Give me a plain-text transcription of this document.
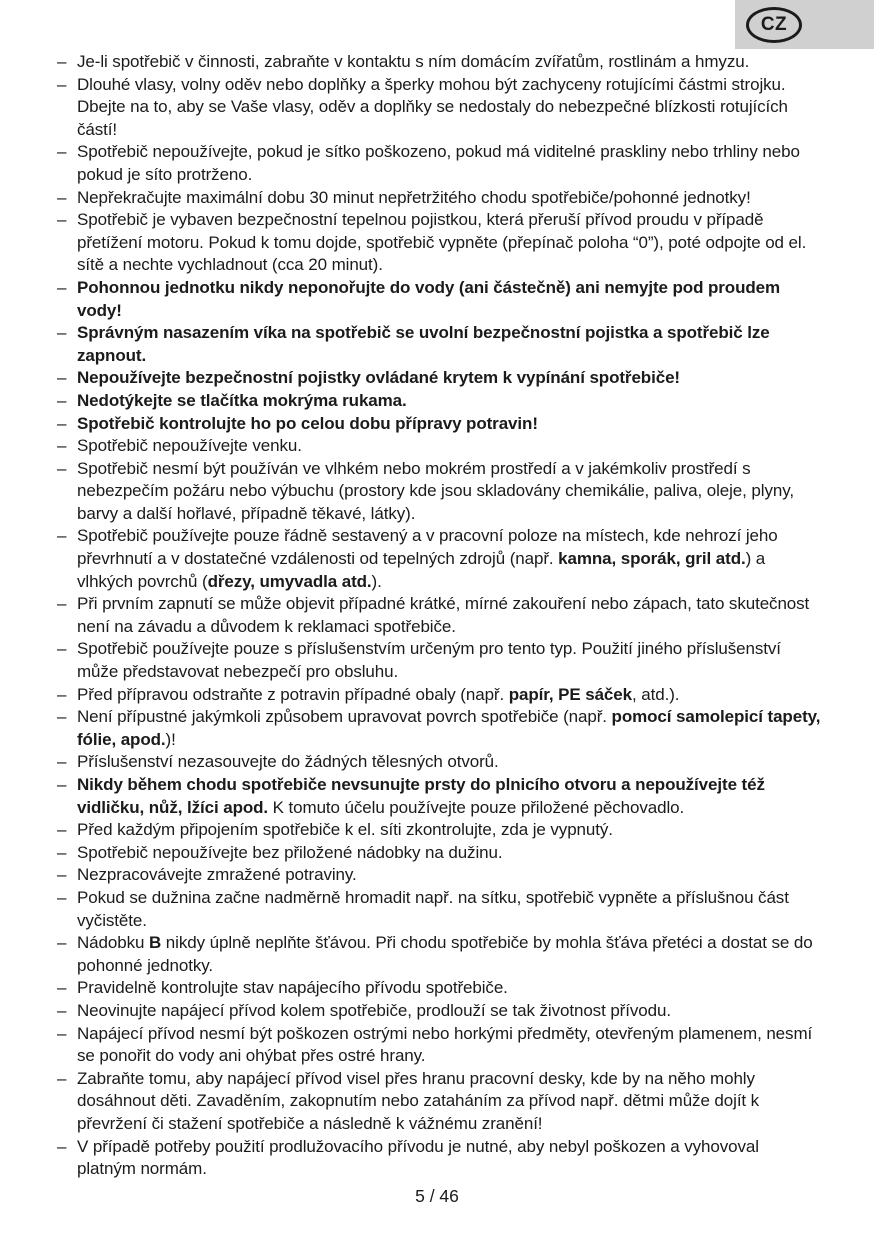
CZ
– Je-li spotřebič v činnosti, zabraňte v kontaktu s ním domácím zvířatům, rostlinám a hmyzu.
– Dlouhé vlasy, volny oděv nebo doplňky a šperky mohou být zachyceny rotujícími částmi strojku. Dbejte na to, aby se Vaše vlasy, oděv a doplňky se nedostaly do nebezpečné blízkosti rotujících částí!
– Spotřebič nepoužívejte, pokud je sítko poškozeno, pokud má viditelné praskliny nebo trhliny nebo pokud je síto protrženo.
– Nepřekračujte maximální dobu 30 minut nepřetržitého chodu spotřebiče/pohonné jednotky!
– Spotřebič je vybaven bezpečnostní tepelnou pojistkou, která přeruší přívod proudu v případě přetížení motoru. Pokud k tomu dojde, spotřebič vypněte (přepínač poloha “0”), poté odpojte od el. sítě a nechte vychladnout (cca 20 minut).
– Pohonnou jednotku nikdy neponořujte do vody (ani částečně) ani nemyjte pod proudem vody!
– Správným nasazením víka na spotřebič se uvolní bezpečnostní pojistka a spotřebič lze zapnout.
– Nepoužívejte bezpečnostní pojistky ovládané krytem k vypínání spotřebiče!
– Nedotýkejte se tlačítka mokrýma rukama.
– Spotřebič kontrolujte ho po celou dobu přípravy potravin!
– Spotřebič nepoužívejte venku.
– Spotřebič nesmí být používán ve vlhkém nebo mokrém prostředí a v jakémkoliv prostředí s nebezpečím požáru nebo výbuchu (prostory kde jsou skladovány chemikálie, paliva, oleje, plyny, barvy a další hořlavé, případně těkavé, látky).
– Spotřebič používejte pouze řádně sestavený a v pracovní poloze na místech, kde nehrozí jeho převrhnutí a v dostatečné vzdálenosti od tepelných zdrojů (např. kamna, sporák, gril atd.) a vlhkých povrchů (dřezy, umyvadla atd.).
– Při prvním zapnutí se může objevit případné krátké, mírné zakouření nebo zápach, tato skutečnost není na závadu a důvodem k reklamaci spotřebiče.
– Spotřebič používejte pouze s příslušenstvím určeným pro tento typ. Použití jiného příslušenství může představovat nebezpečí pro obsluhu.
– Před přípravou odstraňte z potravin případné obaly (např. papír, PE sáček, atd.).
– Není přípustné jakýmkoli způsobem upravovat povrch spotřebiče (např. pomocí samolepicí tapety, fólie, apod.)!
– Příslušenství nezasouvejte do žádných tělesných otvorů.
– Nikdy během chodu spotřebiče nevsunujte prsty do plnicího otvoru a nepoužívejte též vidličku, nůž, lžíci apod. K tomuto účelu používejte pouze přiložené pěchovadlo.
– Před každým připojením spotřebiče k el. síti zkontrolujte, zda je vypnutý.
– Spotřebič nepoužívejte bez přiložené nádobky na dužinu.
– Nezpracovávejte zmražené potraviny.
– Pokud se dužnina začne nadměrně hromadit např. na sítku, spotřebič vypněte a příslušnou část vyčistěte.
– Nádobku B nikdy úplně neplňte šťávou. Při chodu spotřebiče by mohla šťáva přetéci a dostat se do pohonné jednotky.
– Pravidelně kontrolujte stav napájecího přívodu spotřebiče.
– Neovinujte napájecí přívod kolem spotřebiče, prodlouží se tak životnost přívodu.
– Napájecí přívod nesmí být poškozen ostrými nebo horkými předměty, otevřeným plamenem, nesmí se ponořit do vody ani ohýbat přes ostré hrany.
– Zabraňte tomu, aby napájecí přívod visel přes hranu pracovní desky, kde by na něho mohly dosáhnout děti. Zavaděním, zakopnutím nebo zataháním za přívod např. dětmi může dojít k převržení či stažení spotřebiče a následně k vážnému zranění!
– V případě potřeby použití prodlužovacího přívodu je nutné, aby nebyl poškozen a vyhovoval platným normám.
5 / 46
